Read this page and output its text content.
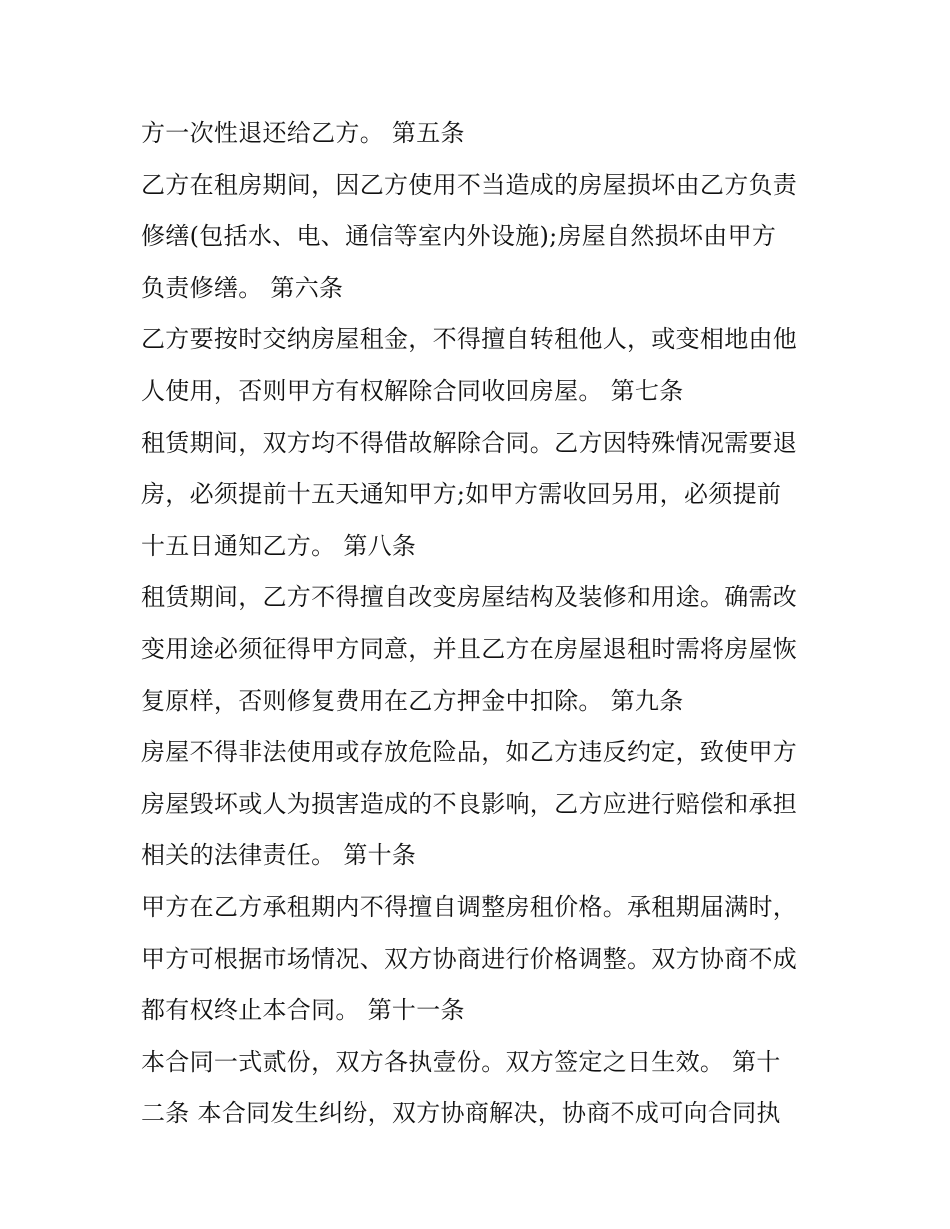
方一次性退还给乙方。 第五条
乙方在租房期间，因乙方使用不当造成的房屋损坏由乙方负责
修缮(包括水、电、通信等室内外设施);房屋自然损坏由甲方
负责修缮。 第六条
乙方要按时交纳房屋租金，不得擅自转租他人，或变相地由他
人使用，否则甲方有权解除合同收回房屋。 第七条
租赁期间，双方均不得借故解除合同。乙方因特殊情况需要退
房，必须提前十五天通知甲方;如甲方需收回另用，必须提前
十五日通知乙方。 第八条
租赁期间，乙方不得擅自改变房屋结构及装修和用途。确需改
变用途必须征得甲方同意，并且乙方在房屋退租时需将房屋恢
复原样，否则修复费用在乙方押金中扣除。 第九条
房屋不得非法使用或存放危险品，如乙方违反约定，致使甲方
房屋毁坏或人为损害造成的不良影响，乙方应进行赔偿和承担
相关的法律责任。 第十条
甲方在乙方承租期内不得擅自调整房租价格。承租期届满时，
甲方可根据市场情况、双方协商进行价格调整。双方协商不成
都有权终止本合同。 第十一条
本合同一式贰份，双方各执壹份。双方签定之日生效。 第十
二条 本合同发生纠纷，双方协商解决，协商不成可向合同执
